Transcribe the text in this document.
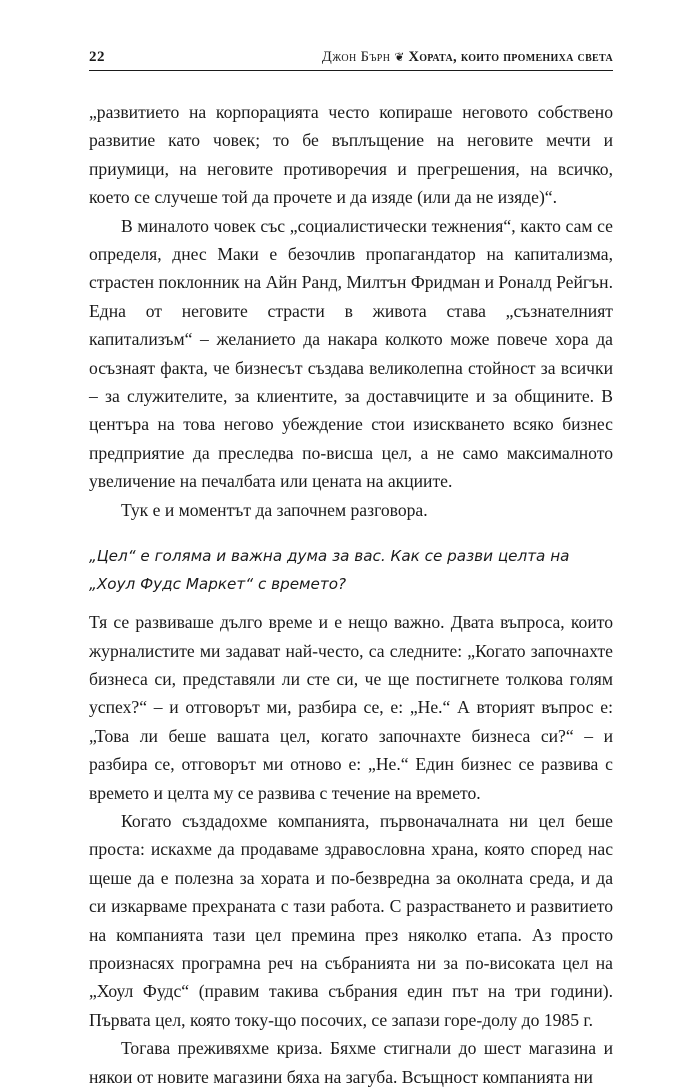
22	Джон Бърн ❦ Хората, които промениха света

„развитието на корпорацията често копираше неговото собствено развитие като човек; то бе въплъщение на неговите мечти и приумици, на неговите противоречия и прегрешения, на всичко, което се случеше той да прочете и да изяде (или да не изяде)“.

В миналото човек със „социалистически тежнения“, както сам се определя, днес Маки е безочлив пропагандатор на капитализма, страстен поклонник на Айн Ранд, Милтън Фридман и Роналд Рейгън. Една от неговите страсти в живота става „съзнателният капитализъм“ – желанието да накара колкото може повече хора да осъзнаят факта, че бизнесът създава великолепна стойност за всички – за служителите, за клиентите, за доставчиците и за общините. В центъра на това негово убеждение стои изискването всяко бизнес предприятие да преследва по-висша цел, а не само максималното увеличение на печалбата или цената на акциите.

Тук е и моментът да започнем разговора.

„Цел“ е голяма и важна дума за вас. Как се разви целта на „Хоул Фудс Маркет“ с времето?

Тя се развиваше дълго време и е нещо важно. Двата въпроса, които журналистите ми задават най-често, са следните: „Когато започнахте бизнеса си, представяли ли сте си, че ще постигнете толкова голям успех?“ – и отговорът ми, разбира се, е: „Не.“ А вторият въпрос е: „Това ли беше вашата цел, когато започнахте бизнеса си?“ – и разбира се, отговорът ми отново е: „Не.“ Един бизнес се развива с времето и целта му се развива с течение на времето.

Когато създадохме компанията, първоначалната ни цел беше проста: искахме да продаваме здравословна храна, която според нас щеше да е полезна за хората и по-безвредна за околната среда, и да си изкарваме прехраната с тази работа. С разрастването и развитието на компанията тази цел премина през няколко етапа. Аз просто произнасях програмна реч на събранията ни за по-високата цел на „Хоул Фудс“ (правим такива събрания един път на три години). Първата цел, която току-що посочих, се запази горе-долу до 1985 г.

Тогава преживяхме криза. Бяхме стигнали до шест магазина и някои от новите магазини бяха на загуба. Всъщност компанията ни
